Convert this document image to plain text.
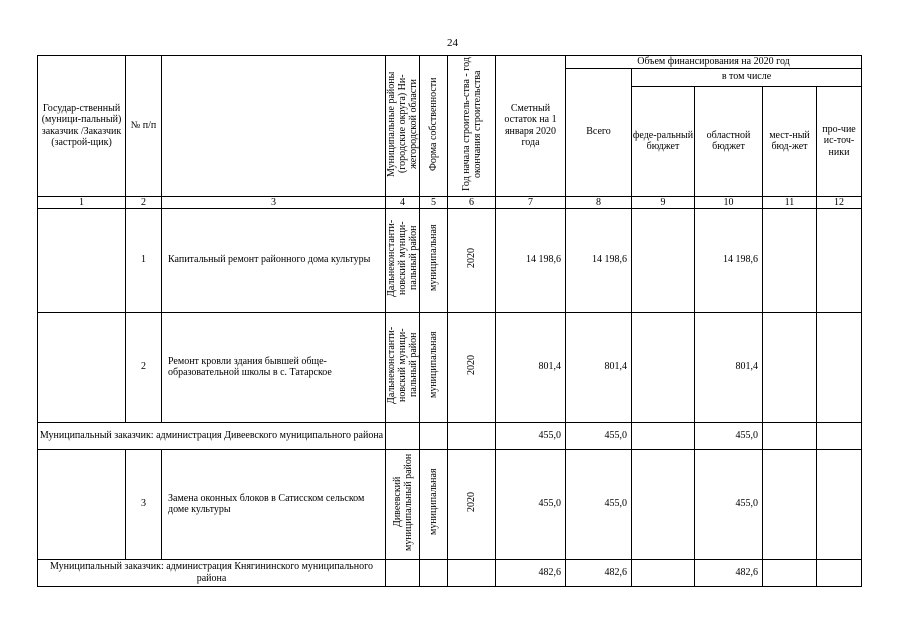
24
Государ-ственный (муници-пальный) заказчик /Заказчик (застрой-щик)	№ п/п		Муниципальные районы (городские округа) Ни-жегородской области	Форма собственности	Год начала строитель-ства - год окончания строительства	Сметный остаток на 1 января 2020 года	Объем финансирования на 2020 год				
							Всего	в том числе			
								феде-ральный бюджет	областной бюджет	мест-ный бюд-жет	про-чие ис-точ-ники
1	2	3	4	5	6	7	8	9	10	11	12
	1	Капитальный ремонт районного дома культуры	Дальнеконстанти-новский муници-пальный район	муниципальная	2020	14 198,6	14 198,6		14 198,6		
	2	Ремонт кровли здания бывшей обще-образовательной школы в с. Татарское	Дальнеконстанти-новский муници-пальный район	муниципальная	2020	801,4	801,4		801,4		
Муниципальный заказчик: администрация Дивеевского муниципального района						455,0	455,0		455,0		
	3	Замена оконных блоков в Сатисском сельском доме культуры	Дивеевский муниципальный район	муниципальная	2020	455,0	455,0		455,0		
Муниципальный заказчик: администрация Княгининского муниципального района						482,6	482,6		482,6		
